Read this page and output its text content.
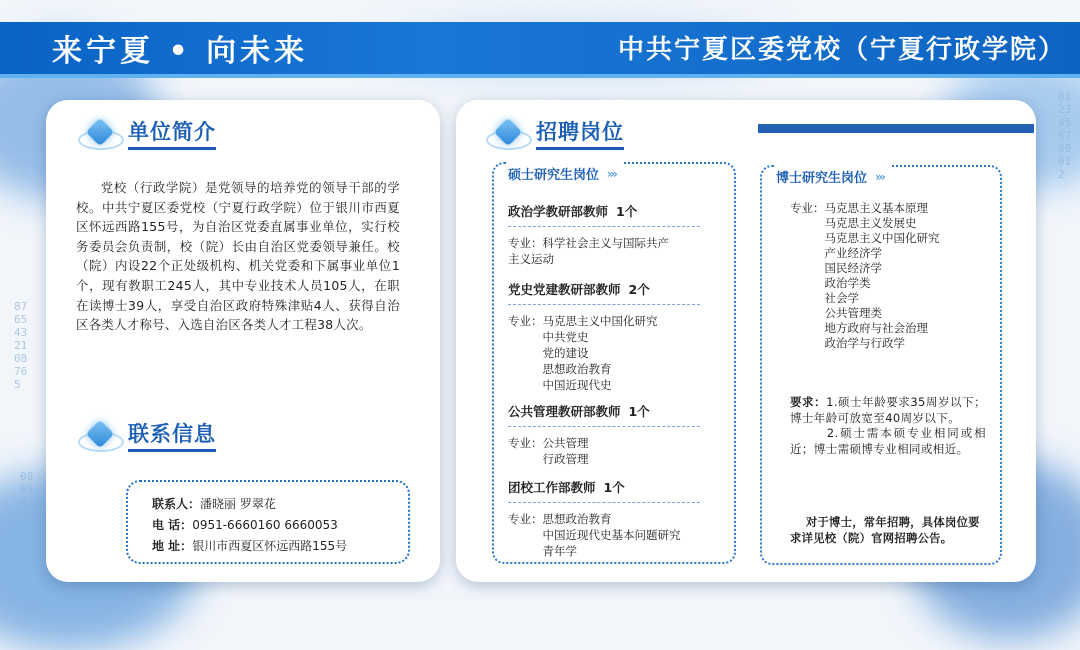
8765432108765
0123456789012
0865432
来宁夏 • 向未来	中共宁夏区委党校（宁夏行政学院）
单位简介
党校（行政学院）是党领导的培养党的领导干部的学校。中共宁夏区委党校（宁夏行政学院）位于银川市西夏区怀远西路155号，为自治区党委直属事业单位，实行校务委员会负责制，校（院）长由自治区党委领导兼任。校（院）内设22个正处级机构、机关党委和下属事业单位1个，现有教职工245人，其中专业技术人员105人，在职在读博士39人，享受自治区政府特殊津贴4人、获得自治区各类人才称号、入选自治区各类人才工程38人次。
联系信息
联系人：潘晓丽 罗翠花
电 话：0951-6660160 6660053
地 址：银川市西夏区怀远西路155号
招聘岗位
硕士研究生岗位 ›››
政治学教研部教师 1个
专业： 科学社会主义与国际共产
主义运动
党史党建教研部教师 2个
专业： 马克思主义中国化研究
中共党史
党的建设
思想政治教育
中国近现代史
公共管理教研部教师 1个
专业： 公共管理
行政管理
团校工作部教师 1个
专业： 思想政治教育
中国近现代史基本问题研究
青年学
博士研究生岗位 ›››
专业： 马克思主义基本原理
马克思主义发展史
马克思主义中国化研究
产业经济学
国民经济学
政治学类
社会学
公共管理类
地方政府与社会治理
政治学与行政学
要求：1.硕士年龄要求35周岁以下；博士年龄可放宽至40周岁以下。
2.硕士需本硕专业相同或相近；博士需硕博专业相同或相近。
对于博士，常年招聘，具体岗位要求详见校（院）官网招聘公告。
